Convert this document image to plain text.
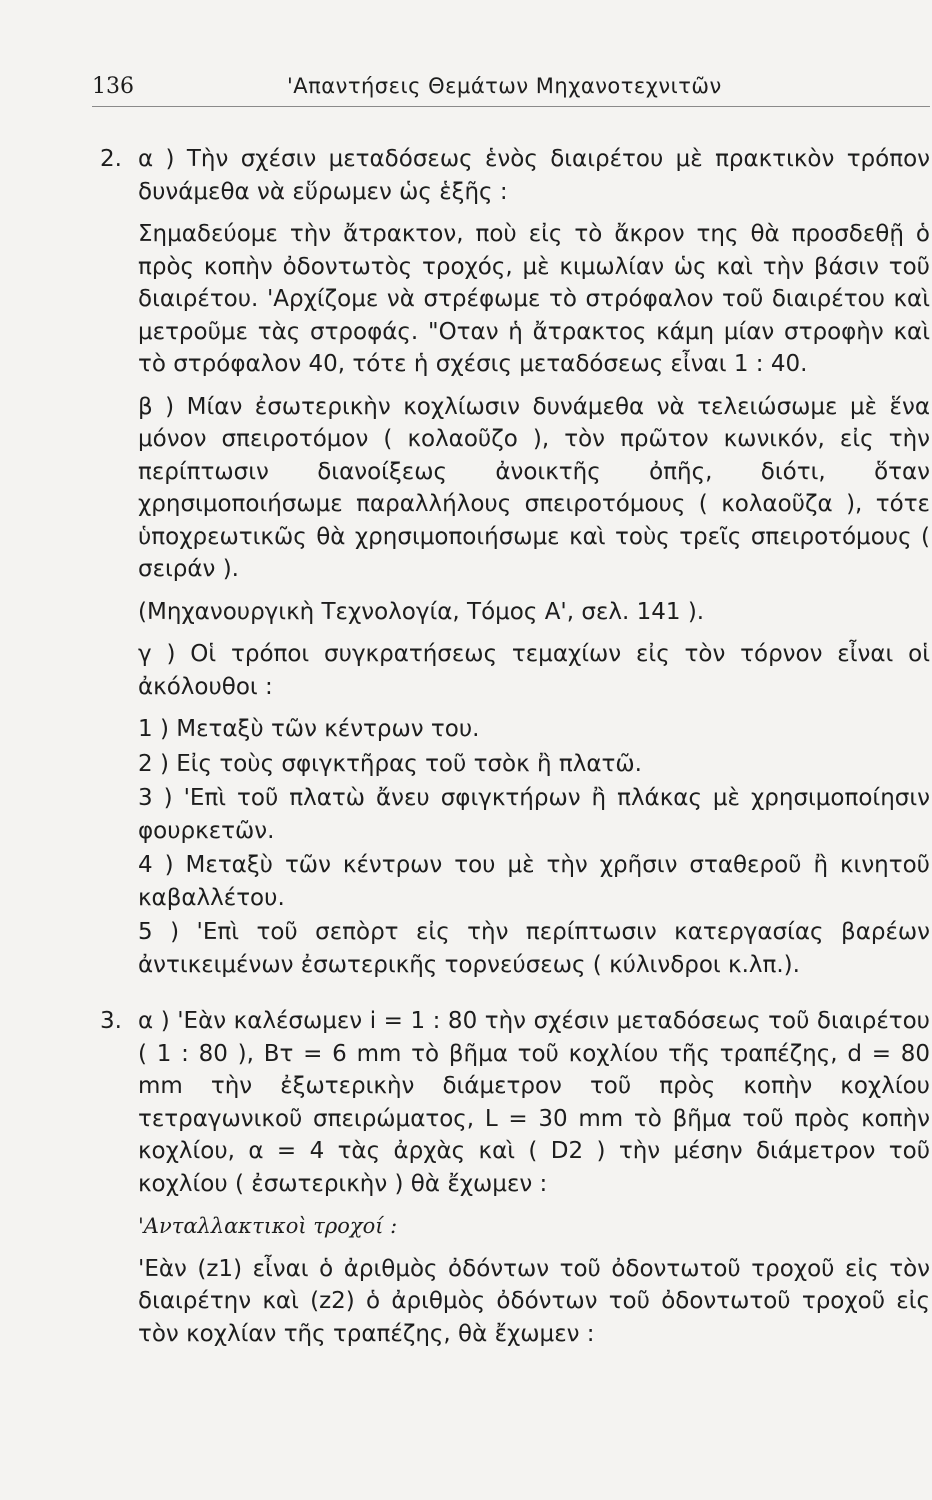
136	'Απαντήσεις Θεμάτων Μηχανοτεχνιτῶν
2. α ) Τὴν σχέσιν μεταδόσεως ἑνὸς διαιρέτου μὲ πρακτικὸν τρόπον δυνάμεθα νὰ εὕρωμεν ὡς ἑξῆς :
Σημαδεύομε τὴν ἄτρακτον, ποὺ εἰς τὸ ἄκρον της θὰ προσδεθῇ ὁ πρὸς κοπὴν ὀδοντωτὸς τροχός, μὲ κιμωλίαν ὡς καὶ τὴν βάσιν τοῦ διαιρέτου. 'Αρχίζομε νὰ στρέφωμε τὸ στρόφαλον τοῦ διαιρέτου καὶ μετροῦμε τὰς στροφάς. "Οταν ἡ ἄτρακτος κάμη μίαν στροφὴν καὶ τὸ στρόφαλον 40, τότε ἡ σχέσις μεταδόσεως εἶναι 1 : 40.
β ) Μίαν ἐσωτερικὴν κοχλίωσιν δυνάμεθα νὰ τελειώσωμε μὲ ἕνα μόνον σπειροτόμον ( κολαοῦζο ), τὸν πρῶτον κωνικόν, εἰς τὴν περίπτωσιν διανοίξεως ἀνοικτῆς ὀπῆς, διότι, ὅταν χρησιμοποιήσωμε παραλλήλους σπειροτόμους ( κολαοῦζα ), τότε ὑποχρεωτικῶς θὰ χρησιμοποιήσωμε καὶ τοὺς τρεῖς σπειροτόμους ( σειράν ).
(Μηχανουργικὴ Τεχνολογία, Τόμος Α', σελ. 141 ).
γ ) Οἱ τρόποι συγκρατήσεως τεμαχίων εἰς τὸν τόρνον εἶναι οἱ ἀκόλουθοι :
1 ) Μεταξὺ τῶν κέντρων του.
2 ) Εἰς τοὺς σφιγκτῆρας τοῦ τσὸκ ἢ πλατῶ.
3 ) 'Επὶ τοῦ πλατὼ ἄνευ σφιγκτήρων ἢ πλάκας μὲ χρησιμοποίησιν φουρκετῶν.
4 ) Μεταξὺ τῶν κέντρων του μὲ τὴν χρῆσιν σταθεροῦ ἢ κινητοῦ καβαλλέτου.
5 ) 'Επὶ τοῦ σεπὸρτ εἰς τὴν περίπτωσιν κατεργασίας βαρέων ἀντικειμένων ἐσωτερικῆς τορνεύσεως ( κύλινδροι κ.λπ.).
3. α ) 'Εὰν καλέσωμεν i = 1 : 80 τὴν σχέσιν μεταδόσεως τοῦ διαιρέτου ( 1 : 80 ), Bτ = 6 mm τὸ βῆμα τοῦ κοχλίου τῆς τραπέζης, d = 80 mm τὴν ἐξωτερικὴν διάμετρον τοῦ πρὸς κοπὴν κοχλίου τετραγωνικοῦ σπειρώματος, L = 30 mm τὸ βῆμα τοῦ πρὸς κοπὴν κοχλίου, α = 4 τὰς ἀρχὰς καὶ ( D2 ) τὴν μέσην διάμετρον τοῦ κοχλίου ( ἐσωτερικὴν ) θὰ ἔχωμεν :
'Ανταλλακτικοὶ τροχοί :
'Εὰν (z1) εἶναι ὁ ἀριθμὸς ὀδόντων τοῦ ὀδοντωτοῦ τροχοῦ εἰς τὸν διαιρέτην καὶ (z2) ὁ ἀριθμὸς ὀδόντων τοῦ ὀδοντωτοῦ τροχοῦ εἰς τὸν κοχλίαν τῆς τραπέζης, θὰ ἔχωμεν :
